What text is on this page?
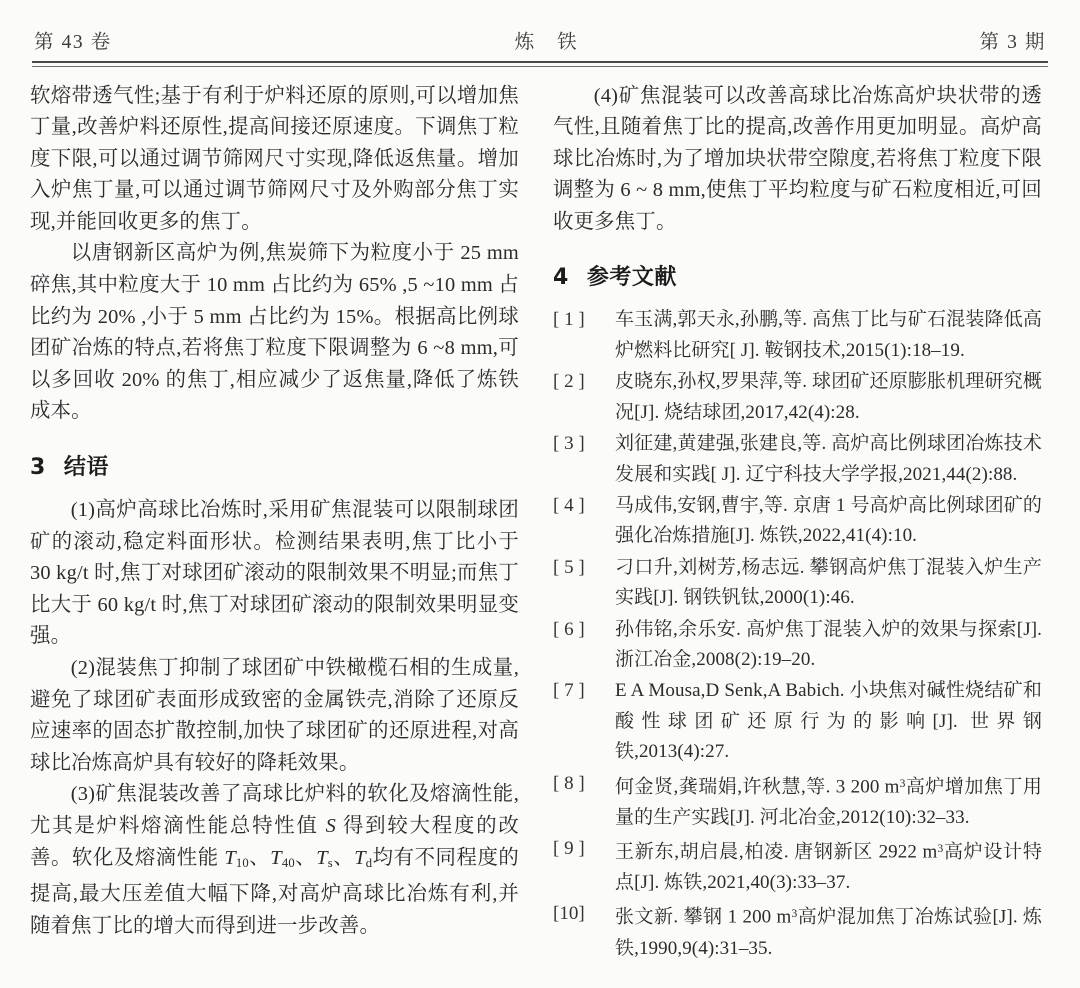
第 43 卷	炼 铁	第 3 期

软熔带透气性;基于有利于炉料还原的原则,可以增加焦丁量,改善炉料还原性,提高间接还原速度。下调焦丁粒度下限,可以通过调节筛网尺寸实现,降低返焦量。增加入炉焦丁量,可以通过调节筛网尺寸及外购部分焦丁实现,并能回收更多的焦丁。

以唐钢新区高炉为例,焦炭筛下为粒度小于 25 mm碎焦,其中粒度大于 10 mm 占比约为 65% ,5 ~10 mm 占比约为 20% ,小于 5 mm 占比约为 15%。根据高比例球团矿冶炼的特点,若将焦丁粒度下限调整为 6 ~8 mm,可以多回收 20% 的焦丁,相应减少了返焦量,降低了炼铁成本。

3 结语

(1)高炉高球比冶炼时,采用矿焦混装可以限制球团矿的滚动,稳定料面形状。检测结果表明,焦丁比小于 30 kg/t 时,焦丁对球团矿滚动的限制效果不明显;而焦丁比大于 60 kg/t 时,焦丁对球团矿滚动的限制效果明显变强。

(2)混装焦丁抑制了球团矿中铁橄榄石相的生成量,避免了球团矿表面形成致密的金属铁壳,消除了还原反应速率的固态扩散控制,加快了球团矿的还原进程,对高球比冶炼高炉具有较好的降耗效果。

(3)矿焦混装改善了高球比炉料的软化及熔滴性能,尤其是炉料熔滴性能总特性值 S 得到较大程度的改善。软化及熔滴性能 $T_{10}$、$T_{40}$、$T_s$、$T_d$均有不同程度的提高,最大压差值大幅下降,对高炉高球比冶炼有利,并随着焦丁比的增大而得到进一步改善。

(4)矿焦混装可以改善高球比冶炼高炉块状带的透气性,且随着焦丁比的提高,改善作用更加明显。高炉高球比冶炼时,为了增加块状带空隙度,若将焦丁粒度下限调整为 6 ~ 8 mm,使焦丁平均粒度与矿石粒度相近,可回收更多焦丁。

4 参考文献
[ 1 ]	车玉满,郭天永,孙鹏,等. 高焦丁比与矿石混装降低高炉燃料比研究[ J]. 鞍钢技术,2015(1):18–19.
[ 2 ]	皮晓东,孙权,罗果萍,等. 球团矿还原膨胀机理研究概况[J]. 烧结球团,2017,42(4):28.
[ 3 ]	刘征建,黄建强,张建良,等. 高炉高比例球团冶炼技术发展和实践[ J]. 辽宁科技大学学报,2021,44(2):88.
[ 4 ]	马成伟,安钢,曹宇,等. 京唐 1 号高炉高比例球团矿的强化冶炼措施[J]. 炼铁,2022,41(4):10.
[ 5 ]	刁口升,刘树芳,杨志远. 攀钢高炉焦丁混装入炉生产实践[J]. 钢铁钒钛,2000(1):46.
[ 6 ]	孙伟铭,余乐安. 高炉焦丁混装入炉的效果与探索[J]. 浙江冶金,2008(2):19–20.
[ 7 ]	E A Mousa,D Senk,A Babich. 小块焦对碱性烧结矿和酸性球团矿还原行为的影响[J]. 世界钢铁,2013(4):27.
[ 8 ]	何金贤,龚瑞娟,许秋慧,等. 3 200 $m^3$高炉增加焦丁用量的生产实践[J]. 河北冶金,2012(10):32–33.
[ 9 ]	王新东,胡启晨,柏凌. 唐钢新区 2922 $m^3$高炉设计特点[J]. 炼铁,2021,40(3):33–37.
[10]	张文新. 攀钢 1 200 $m^3$高炉混加焦丁冶炼试验[J]. 炼铁,1990,9(4):31–35.
